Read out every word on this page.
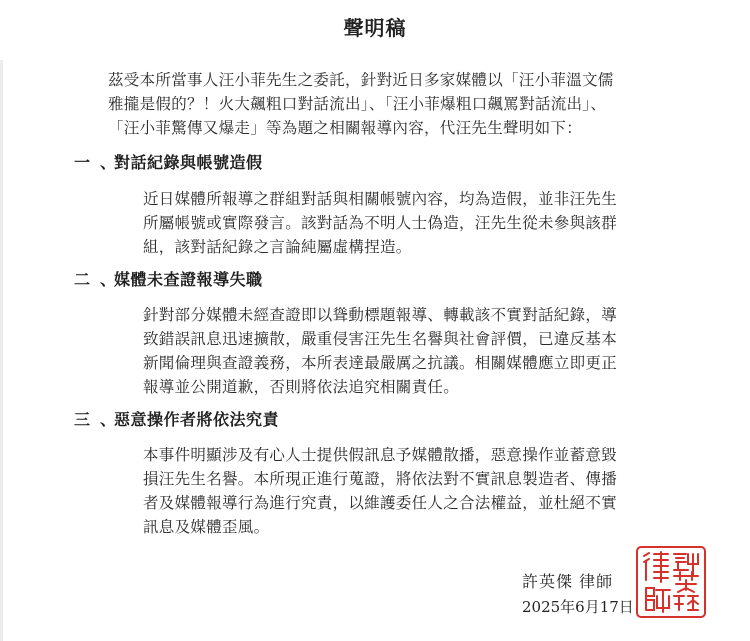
聲明稿
茲受本所當事人汪小菲先生之委託，針對近日多家媒體以「汪小菲溫文儒
雅攏是假的？！火大飆粗口對話流出」、「汪小菲爆粗口飆罵對話流出」、
「汪小菲驚傳又爆走」等為題之相關報導內容，代汪先生聲明如下：
一 、對話紀錄與帳號造假
近日媒體所報導之群組對話與相關帳號內容，均為造假，並非汪先生
所屬帳號或實際發言。該對話為不明人士偽造，汪先生從未參與該群
組，該對話紀錄之言論純屬虛構捏造。
二 、媒體未查證報導失職
針對部分媒體未經查證即以聳動標題報導、轉載該不實對話紀錄，導
致錯誤訊息迅速擴散，嚴重侵害汪先生名譽與社會評價，已違反基本
新聞倫理與查證義務，本所表達最嚴厲之抗議。相關媒體應立即更正
報導並公開道歉，否則將依法追究相關責任。
三 、惡意操作者將依法究責
本事件明顯涉及有心人士提供假訊息予媒體散播，惡意操作並蓄意毀
損汪先生名譽。本所現正進行蒐證，將依法對不實訊息製造者、傳播
者及媒體報導行為進行究責，以維護委任人之合法權益，並杜絕不實
訊息及媒體歪風。
許英傑 律師
2025年6月17日
